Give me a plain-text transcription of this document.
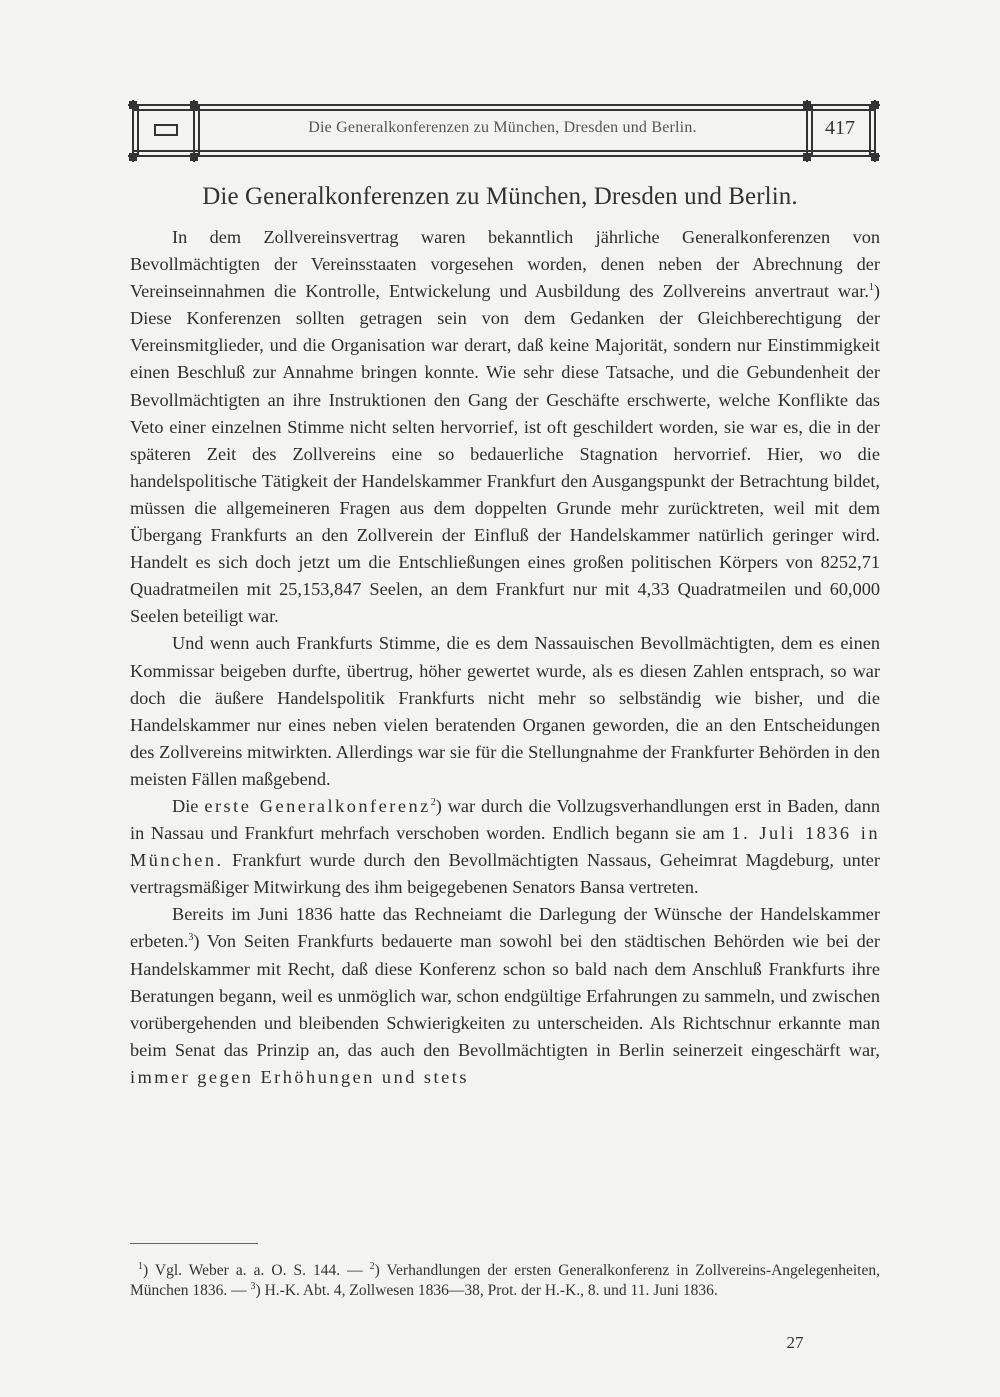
Die Generalkonferenzen zu München, Dresden und Berlin.	417
Die Generalkonferenzen zu München, Dresden und Berlin.

In dem Zollvereinsvertrag waren bekanntlich jährliche Generalkonferenzen von Bevollmächtigten der Vereinsstaaten vorgesehen worden, denen neben der Abrechnung der Vereinseinnahmen die Kontrolle, Entwickelung und Ausbildung des Zollvereins anvertraut war.$^1$) Diese Konferenzen sollten getragen sein von dem Gedanken der Gleichberechtigung der Vereinsmitglieder, und die Organisation war derart, daß keine Majorität, sondern nur Einstimmigkeit einen Beschluß zur Annahme bringen konnte. Wie sehr diese Tatsache, und die Gebundenheit der Bevollmächtigten an ihre Instruktionen den Gang der Geschäfte erschwerte, welche Konflikte das Veto einer einzelnen Stimme nicht selten hervorrief, ist oft geschildert worden, sie war es, die in der späteren Zeit des Zollvereins eine so bedauerliche Stagnation hervorrief. Hier, wo die handelspolitische Tätigkeit der Handelskammer Frankfurt den Ausgangspunkt der Betrachtung bildet, müssen die allgemeineren Fragen aus dem doppelten Grunde mehr zurücktreten, weil mit dem Übergang Frankfurts an den Zollverein der Einfluß der Handelskammer natürlich geringer wird. Handelt es sich doch jetzt um die Entschließungen eines großen politischen Körpers von 8252,71 Quadratmeilen mit 25,153,847 Seelen, an dem Frankfurt nur mit 4,33 Quadratmeilen und 60,000 Seelen beteiligt war.

Und wenn auch Frankfurts Stimme, die es dem Nassauischen Bevollmächtigten, dem es einen Kommissar beigeben durfte, übertrug, höher gewertet wurde, als es diesen Zahlen entsprach, so war doch die äußere Handelspolitik Frankfurts nicht mehr so selbständig wie bisher, und die Handelskammer nur eines neben vielen beratenden Organen geworden, die an den Entscheidungen des Zollvereins mitwirkten. Allerdings war sie für die Stellungnahme der Frankfurter Behörden in den meisten Fällen maßgebend.

Die erste Generalkonferenz$^2$) war durch die Vollzugsverhandlungen erst in Baden, dann in Nassau und Frankfurt mehrfach verschoben worden. Endlich begann sie am 1. Juli 1836 in München. Frankfurt wurde durch den Bevollmächtigten Nassaus, Geheimrat Magdeburg, unter vertragsmäßiger Mitwirkung des ihm beigegebenen Senators Bansa vertreten.

Bereits im Juni 1836 hatte das Rechneiamt die Darlegung der Wünsche der Handelskammer erbeten.$^3$) Von Seiten Frankfurts bedauerte man sowohl bei den städtischen Behörden wie bei der Handelskammer mit Recht, daß diese Konferenz schon so bald nach dem Anschluß Frankfurts ihre Beratungen begann, weil es unmöglich war, schon endgültige Erfahrungen zu sammeln, und zwischen vorübergehenden und bleibenden Schwierigkeiten zu unterscheiden. Als Richtschnur erkannte man beim Senat das Prinzip an, das auch den Bevollmächtigten in Berlin seinerzeit eingeschärft war, immer gegen Erhöhungen und stets

$^1$) Vgl. Weber a. a. O. S. 144. — $^2$) Verhandlungen der ersten Generalkonferenz in Zollvereins-Angelegenheiten, München 1836. — $^3$) H.-K. Abt. 4, Zollwesen 1836—38, Prot. der H.-K., 8. und 11. Juni 1836.

27
